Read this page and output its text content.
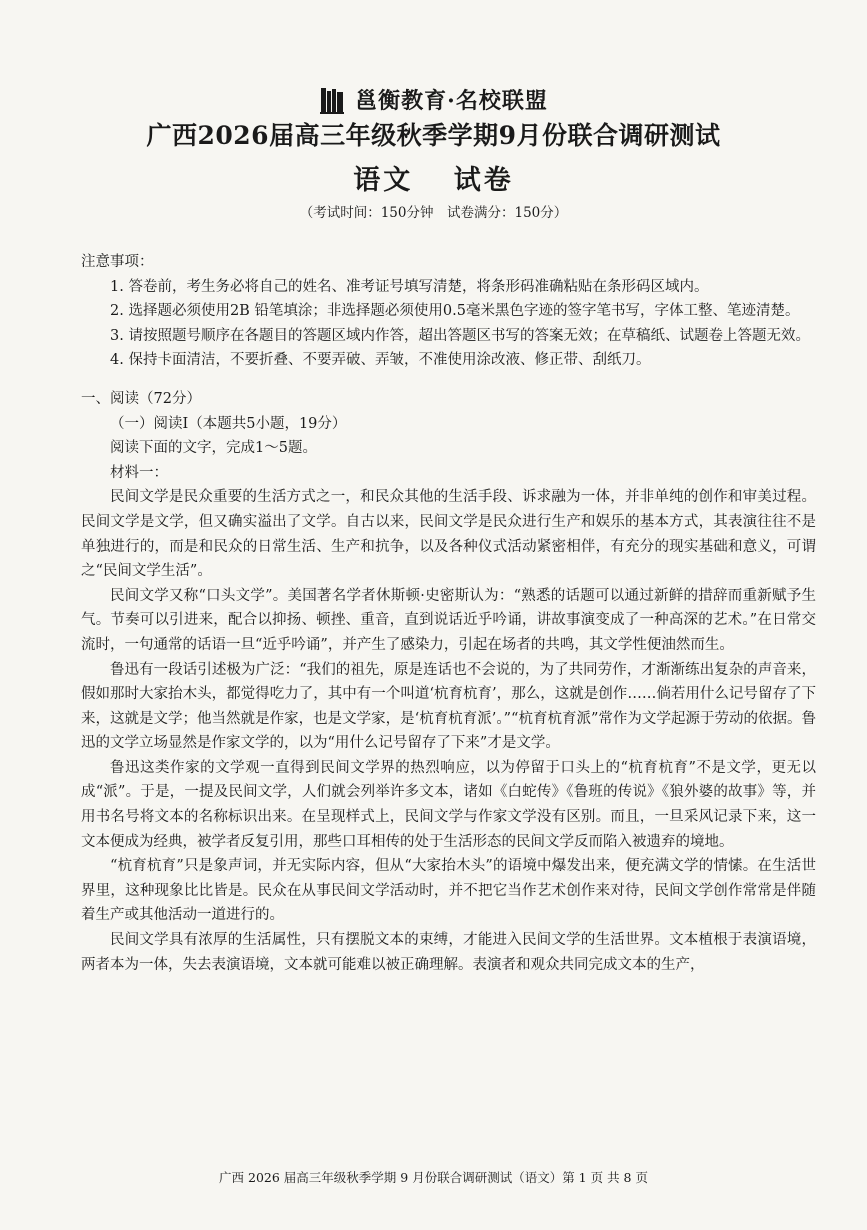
邕衡教育·名校联盟
广西2026届高三年级秋季学期9月份联合调研测试
语文 试卷
（考试时间：150分钟　试卷满分：150分）

注意事项：

1. 答卷前，考生务必将自己的姓名、准考证号填写清楚，将条形码准确粘贴在条形码区域内。

2. 选择题必须使用2B 铅笔填涂；非选择题必须使用0.5毫米黑色字迹的签字笔书写，字体工整、笔迹清楚。

3. 请按照题号顺序在各题目的答题区域内作答，超出答题区书写的答案无效；在草稿纸、试题卷上答题无效。

4. 保持卡面清洁，不要折叠、不要弄破、弄皱，不准使用涂改液、修正带、刮纸刀。

一、阅读（72分）

（一）阅读Ⅰ（本题共5小题，19分）

阅读下面的文字，完成1～5题。

材料一：

民间文学是民众重要的生活方式之一，和民众其他的生活手段、诉求融为一体，并非单纯的创作和审美过程。民间文学是文学，但又确实溢出了文学。自古以来，民间文学是民众进行生产和娱乐的基本方式，其表演往往不是单独进行的，而是和民众的日常生活、生产和抗争，以及各种仪式活动紧密相伴，有充分的现实基础和意义，可谓之“民间文学生活”。

民间文学又称“口头文学”。美国著名学者休斯顿·史密斯认为：“熟悉的话题可以通过新鲜的措辞而重新赋予生气。节奏可以引进来，配合以抑扬、顿挫、重音，直到说话近乎吟诵，讲故事演变成了一种高深的艺术。”在日常交流时，一句通常的话语一旦“近乎吟诵”，并产生了感染力，引起在场者的共鸣，其文学性便油然而生。

鲁迅有一段话引述极为广泛：“我们的祖先，原是连话也不会说的，为了共同劳作，才渐渐练出复杂的声音来，假如那时大家抬木头，都觉得吃力了，其中有一个叫道‘杭育杭育’，那么，这就是创作……倘若用什么记号留存了下来，这就是文学；他当然就是作家，也是文学家，是‘杭育杭育派’。”“杭育杭育派”常作为文学起源于劳动的依据。鲁迅的文学立场显然是作家文学的，以为“用什么记号留存了下来”才是文学。

鲁迅这类作家的文学观一直得到民间文学界的热烈响应，以为停留于口头上的“杭育杭育”不是文学，更无以成“派”。于是，一提及民间文学，人们就会列举许多文本，诸如《白蛇传》《鲁班的传说》《狼外婆的故事》等，并用书名号将文本的名称标识出来。在呈现样式上，民间文学与作家文学没有区别。而且，一旦采风记录下来，这一文本便成为经典，被学者反复引用，那些口耳相传的处于生活形态的民间文学反而陷入被遗弃的境地。

“杭育杭育”只是象声词，并无实际内容，但从“大家抬木头”的语境中爆发出来，便充满文学的情愫。在生活世界里，这种现象比比皆是。民众在从事民间文学活动时，并不把它当作艺术创作来对待，民间文学创作常常是伴随着生产或其他活动一道进行的。

民间文学具有浓厚的生活属性，只有摆脱文本的束缚，才能进入民间文学的生活世界。文本植根于表演语境，两者本为一体，失去表演语境，文本就可能难以被正确理解。表演者和观众共同完成文本的生产，

广西 2026 届高三年级秋季学期 9 月份联合调研测试（语文）第 1 页 共 8 页
